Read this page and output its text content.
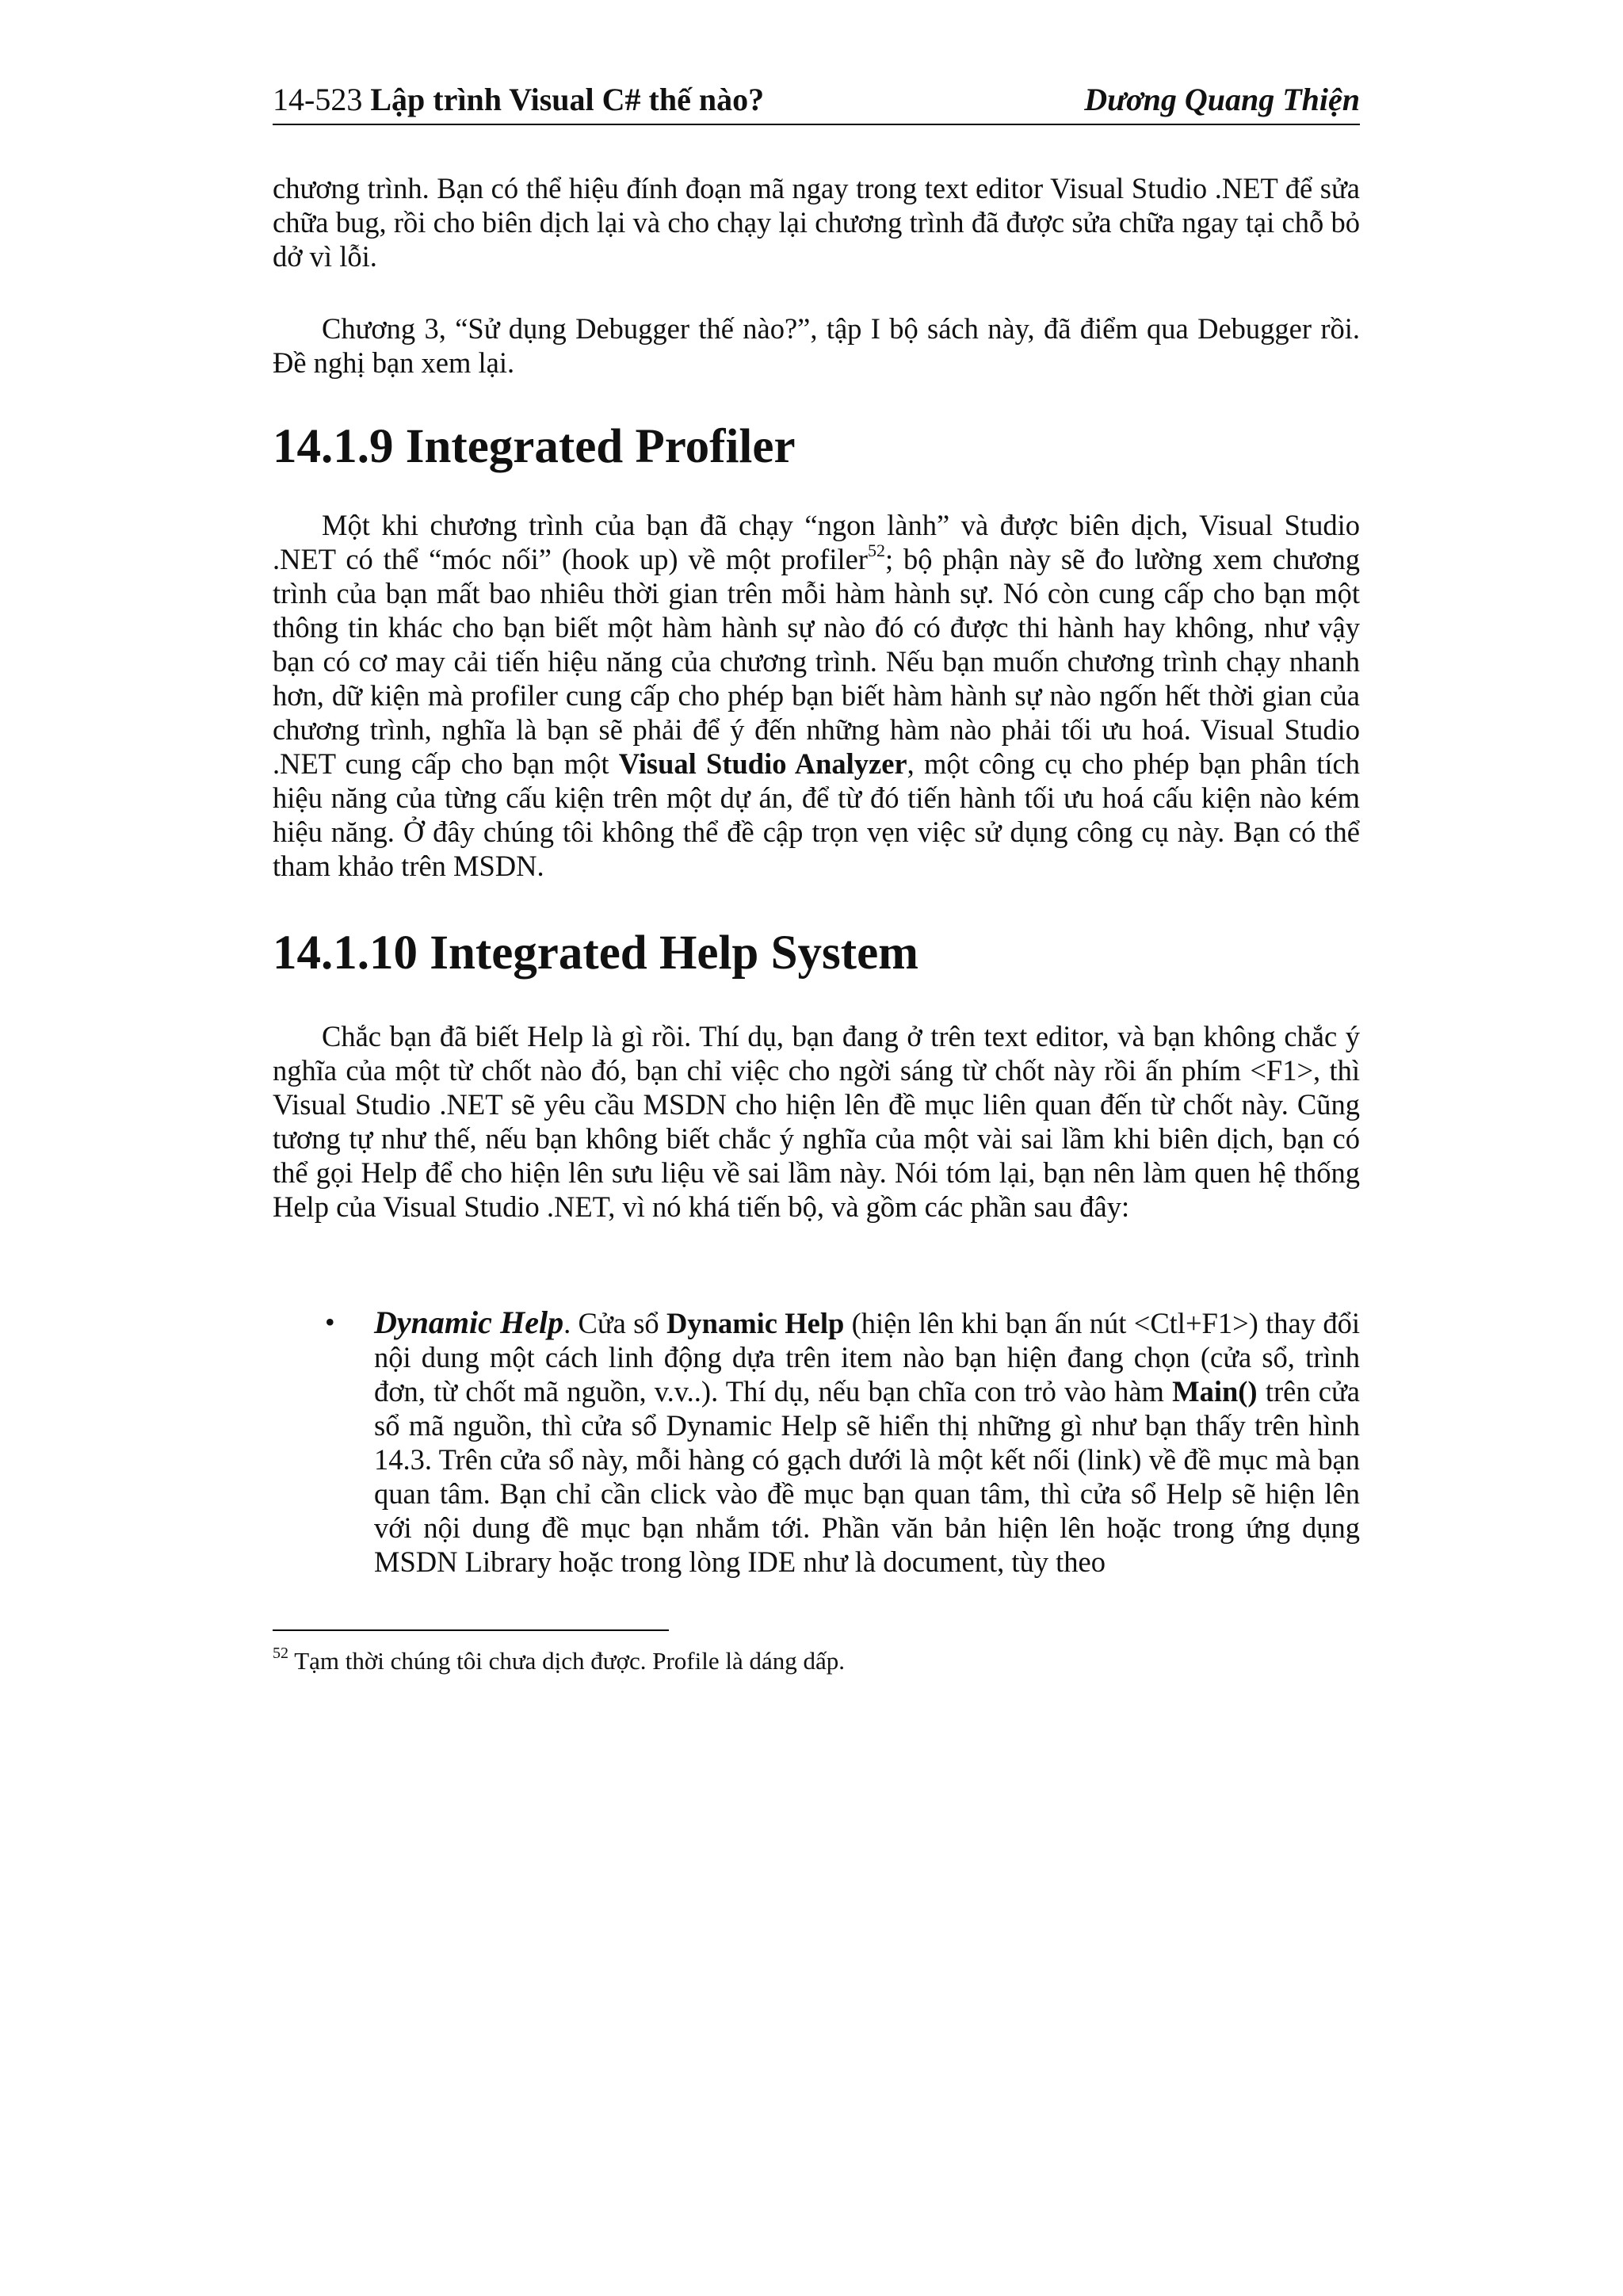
14-523 Lập trình Visual C# thế nào?	Dương Quang Thiện

chương trình. Bạn có thể hiệu đính đoạn mã ngay trong text editor Visual Studio .NET để sửa chữa bug, rồi cho biên dịch lại và cho chạy lại chương trình đã được sửa chữa ngay tại chỗ bỏ dở vì lỗi.

Chương 3, “Sử dụng Debugger thế nào?”, tập I bộ sách này, đã điểm qua Debugger rồi. Đề nghị bạn xem lại.

14.1.9 Integrated Profiler

Một khi chương trình của bạn đã chạy “ngon lành” và được biên dịch, Visual Studio .NET có thể “móc nối” (hook up) về một profiler$^{52}$; bộ phận này sẽ đo lường xem chương trình của bạn mất bao nhiêu thời gian trên mỗi hàm hành sự. Nó còn cung cấp cho bạn một thông tin khác cho bạn biết một hàm hành sự nào đó có được thi hành hay không, như vậy bạn có cơ may cải tiến hiệu năng của chương trình. Nếu bạn muốn chương trình chạy nhanh hơn, dữ kiện mà profiler cung cấp cho phép bạn biết hàm hành sự nào ngốn hết thời gian của chương trình, nghĩa là bạn sẽ phải để ý đến những hàm nào phải tối ưu hoá. Visual Studio .NET cung cấp cho bạn một Visual Studio Analyzer, một công cụ cho phép bạn phân tích hiệu năng của từng cấu kiện trên một dự án, để từ đó tiến hành tối ưu hoá cấu kiện nào kém hiệu năng. Ở đây chúng tôi không thể đề cập trọn vẹn việc sử dụng công cụ này. Bạn có thể tham khảo trên MSDN.

14.1.10 Integrated Help System

Chắc bạn đã biết Help là gì rồi. Thí dụ, bạn đang ở trên text editor, và bạn không chắc ý nghĩa của một từ chốt nào đó, bạn chỉ việc cho ngời sáng từ chốt này rồi ấn phím <F1>, thì Visual Studio .NET sẽ yêu cầu MSDN cho hiện lên đề mục liên quan đến từ chốt này. Cũng tương tự như thế, nếu bạn không biết chắc ý nghĩa của một vài sai lầm khi biên dịch, bạn có thể gọi Help để cho hiện lên sưu liệu về sai lầm này. Nói tóm lại, bạn nên làm quen hệ thống Help của Visual Studio .NET, vì nó khá tiến bộ, và gồm các phần sau đây:

• Dynamic Help. Cửa sổ Dynamic Help (hiện lên khi bạn ấn nút <Ctl+F1>) thay đổi nội dung một cách linh động dựa trên item nào bạn hiện đang chọn (cửa sổ, trình đơn, từ chốt mã nguồn, v.v..). Thí dụ, nếu bạn chĩa con trỏ vào hàm Main() trên cửa sổ mã nguồn, thì cửa sổ Dynamic Help sẽ hiển thị những gì như bạn thấy trên hình 14.3. Trên cửa sổ này, mỗi hàng có gạch dưới là một kết nối (link) về đề mục mà bạn quan tâm. Bạn chỉ cần click vào đề mục bạn quan tâm, thì cửa sổ Help sẽ hiện lên với nội dung đề mục bạn nhắm tới. Phần văn bản hiện lên hoặc trong ứng dụng MSDN Library hoặc trong lòng IDE như là document, tùy theo

$^{52}$ Tạm thời chúng tôi chưa dịch được. Profile là dáng dấp.
